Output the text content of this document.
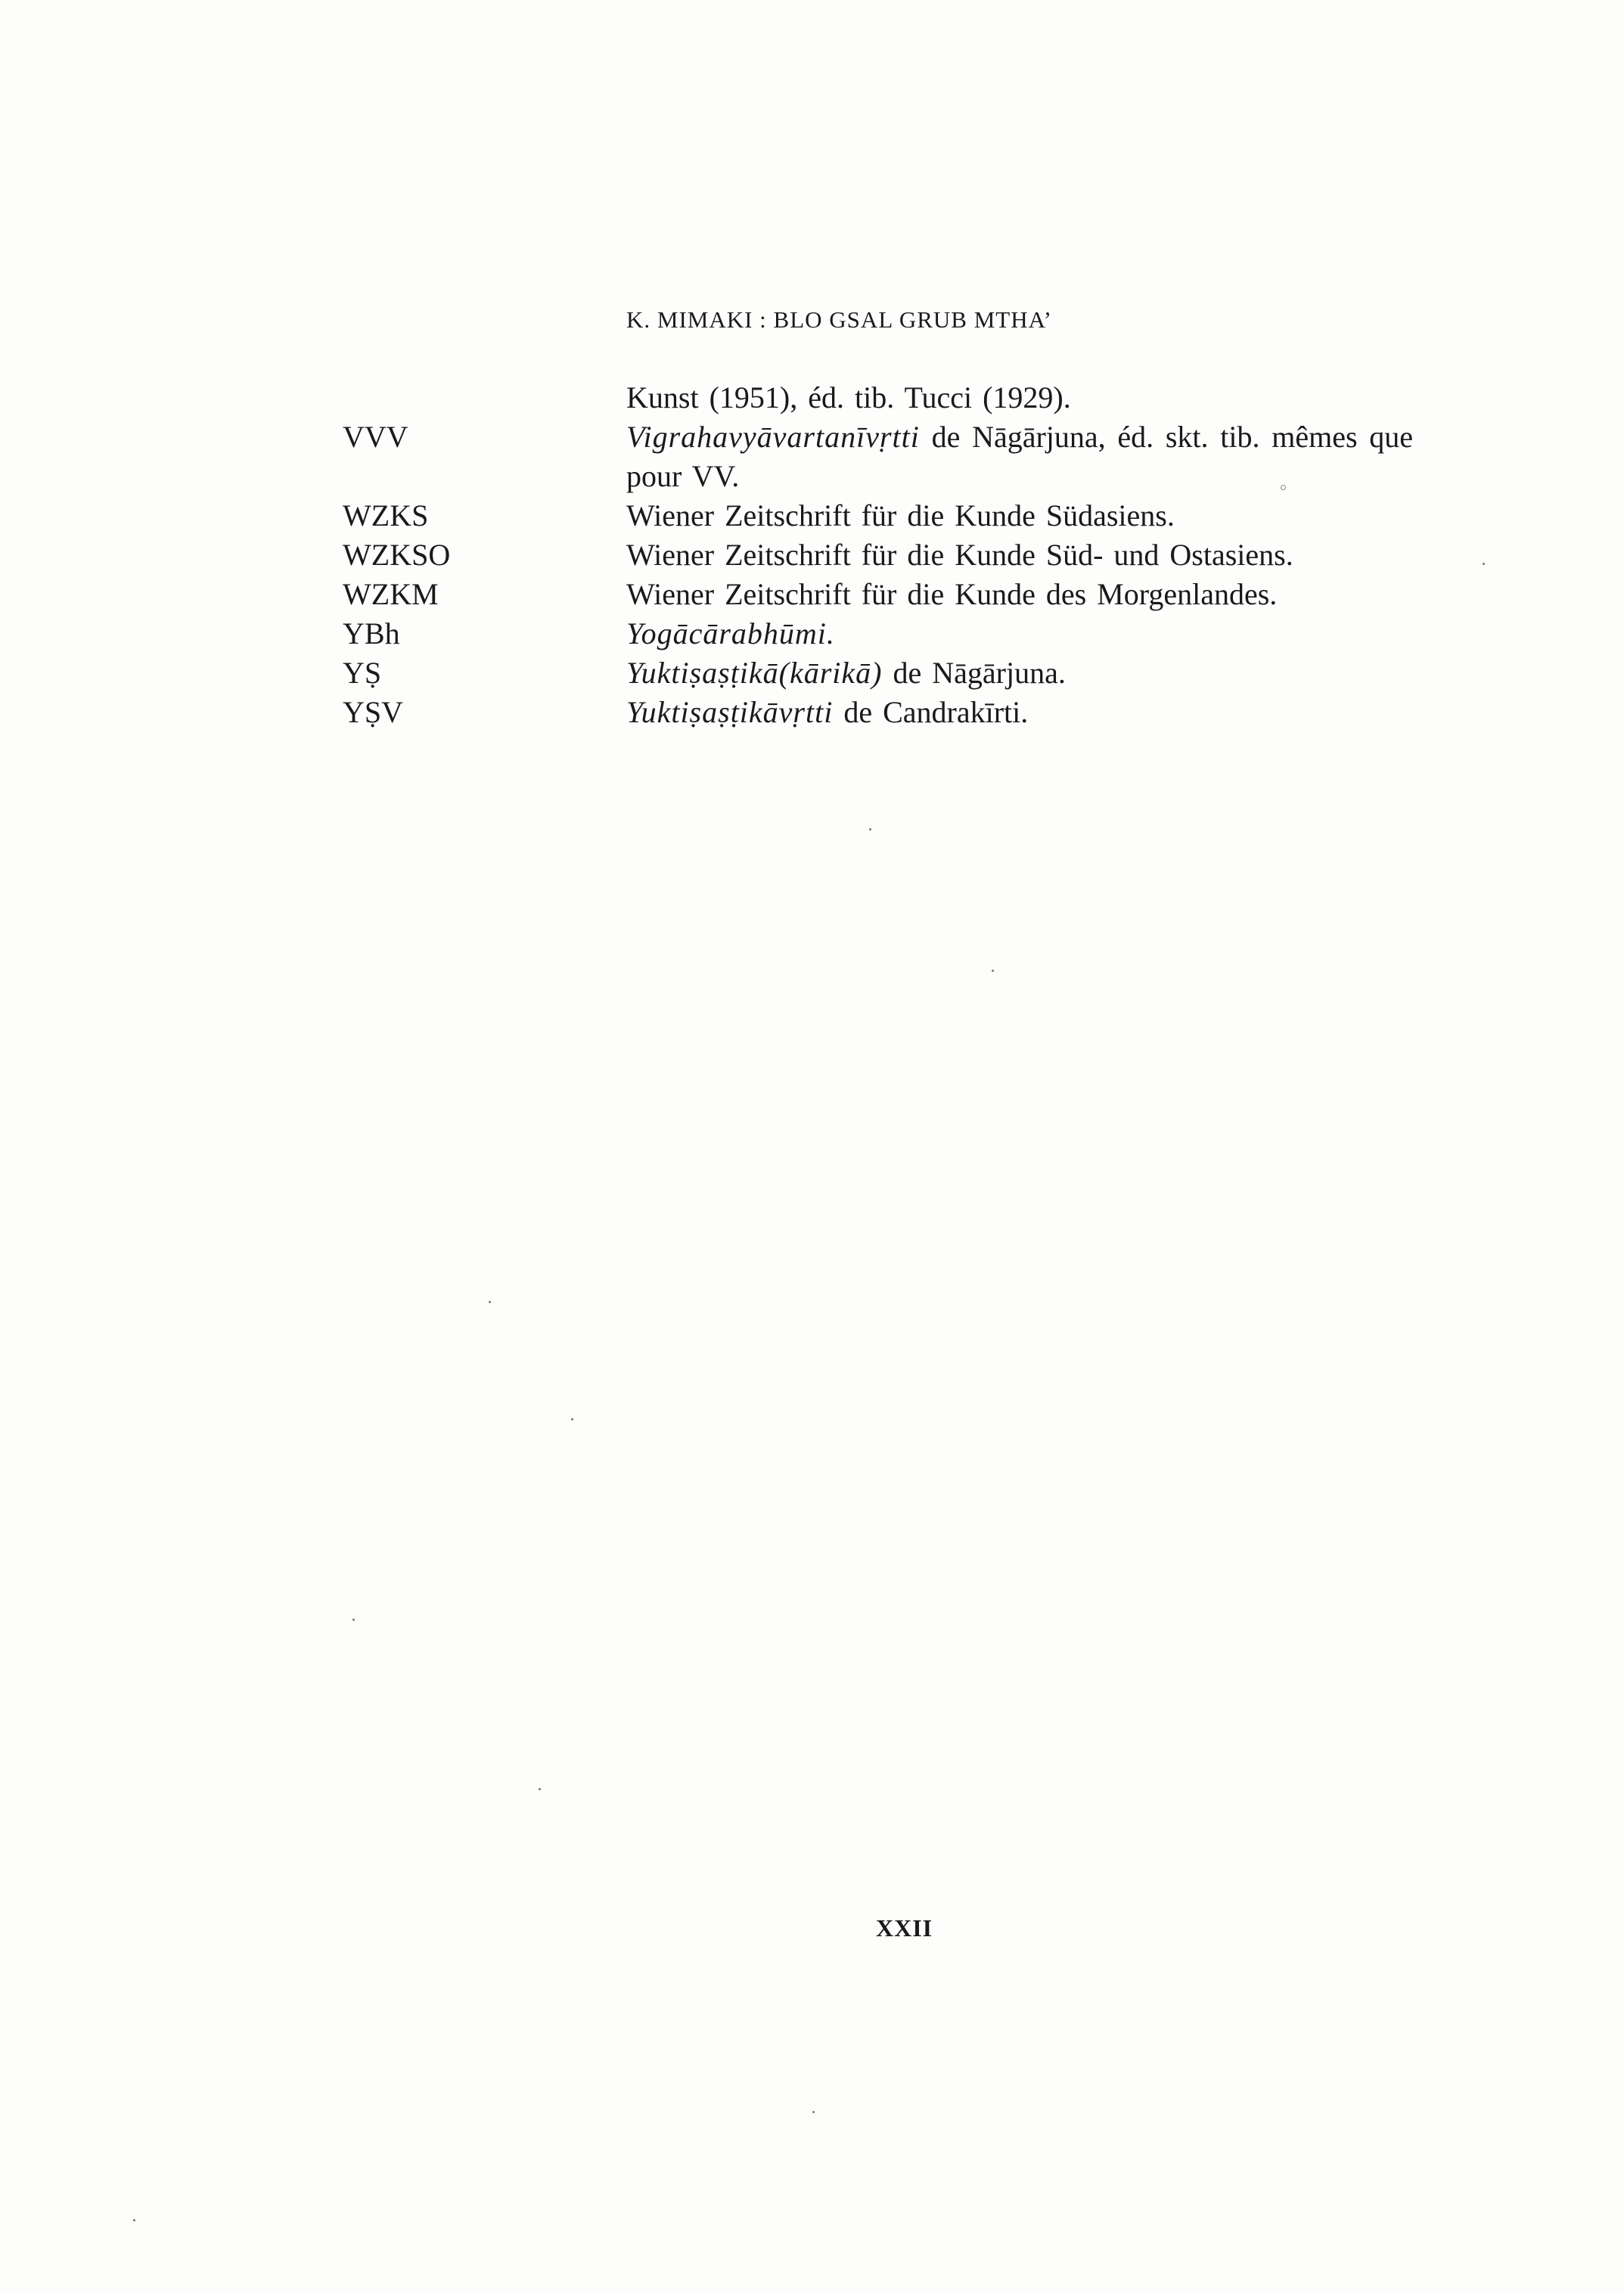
K. MIMAKI : BLO GSAL GRUB MTHA’
Kunst (1951), éd. tib. Tucci (1929).
VVV	Vigrahavyāvartanīvṛtti de Nāgārjuna, éd. skt. tib. mêmes que pour VV.
WZKS	Wiener Zeitschrift für die Kunde Südasiens.
WZKSO	Wiener Zeitschrift für die Kunde Süd- und Ostasiens.
WZKM	Wiener Zeitschrift für die Kunde des Morgenlandes.
YBh	Yogācārabhūmi.
YṢ	Yuktiṣaṣṭikā(kārikā) de Nāgārjuna.
YṢV	Yuktiṣaṣṭikāvṛtti de Candrakīrti.
XXII
